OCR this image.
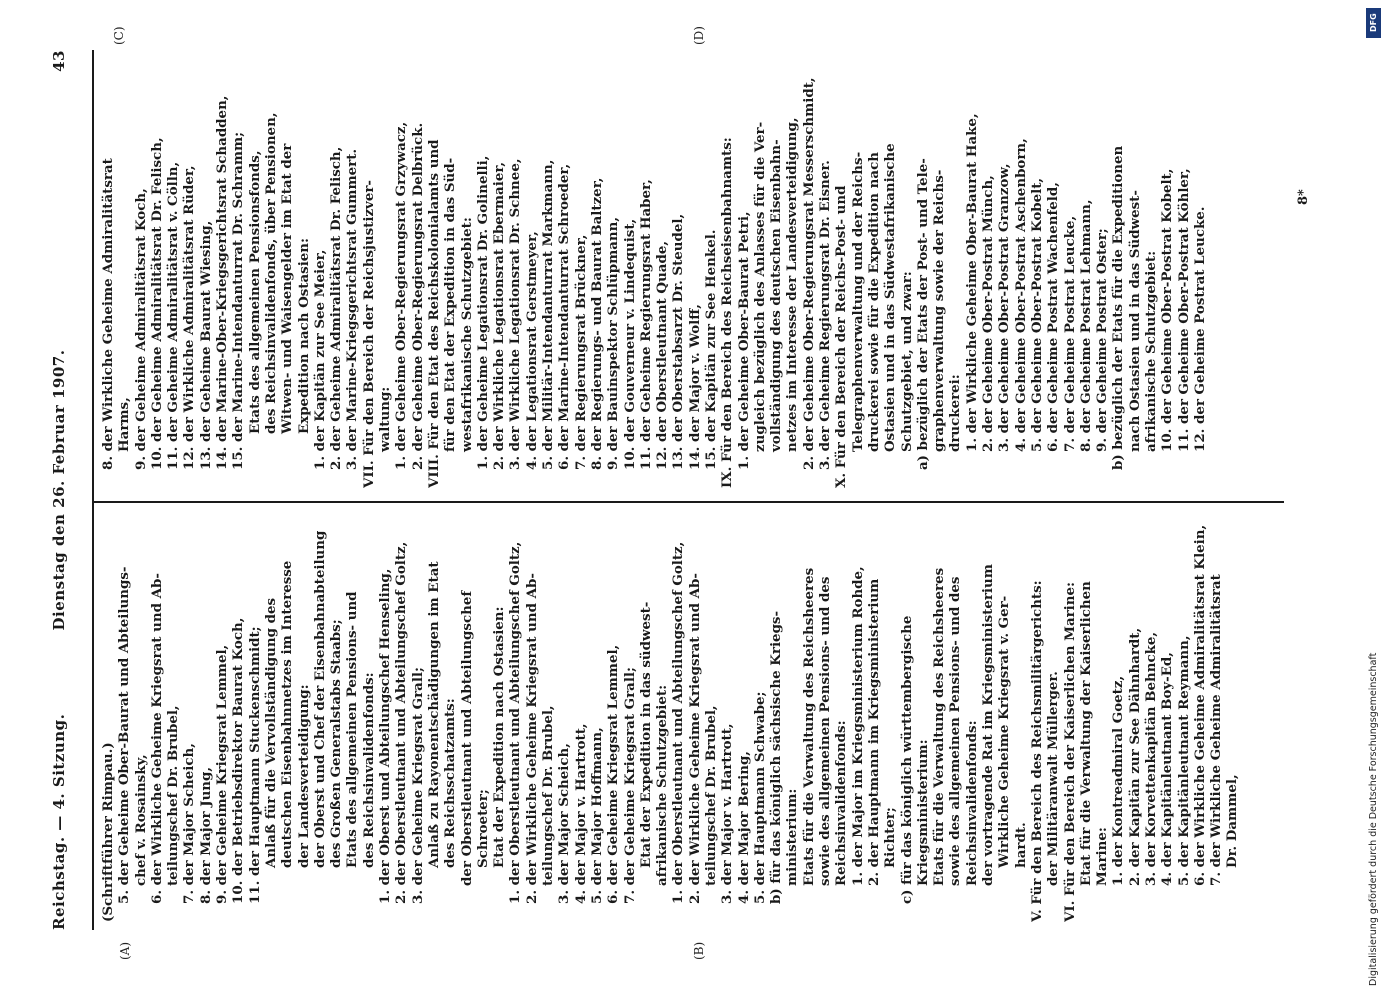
Dienstag den 26. Februar 1907.
Reichstag. — 4. Sitzung.
43
(A)	(B)
(C)	(D)
(Schriftführer Rimpau.) 5. der Geheime Ober-Baurat und Abteilungs- chef v. Rosainsky, 6. der Wirkliche Geheime Kriegsrat und Ab- teilungschef Dr. Brubel, 7. der Major Scheich, 8. der Major Jung, 9. der Geheime Kriegsrat Lemmel, 10. der Betriebsdirektor Baurat Koch, 11. der Hauptmann Stuckenschmidt; Anlaß für die Vervollständigung des deutschen Eisenbahnnetzes im Interesse der Landesverteidigung: der Oberst und Chef der Eisenbahnabteilung des Großen Generalstabs Staabs; Etats des allgemeinen Pensions- und des Reichsinvalidenfonds: 1. der Oberst und Abteilungschef Henseling, 2. der Oberstleutnant und Abteilungschef Goltz, 3. der Geheime Kriegsrat Grall; Anlaß zu Rayonentschädigungen im Etat des Reichsschatzamts: der Oberstleutnant und Abteilungschef Schroeter; Etat der Expedition nach Ostasien: 1. der Oberstleutnant und Abteilungschef Goltz, 2. der Wirkliche Geheime Kriegsrat und Ab- teilungschef Dr. Brubel, 3. der Major Scheich, 4. der Major v. Hartrott, 5. der Major Hoffmann, 6. der Geheime Kriegsrat Lemmel, 7. der Geheime Kriegsrat Grall; Etat der Expedition in das südwest- afrikanische Schutzgebiet: 1. der Oberstleutnant und Abteilungschef Goltz, 2. der Wirkliche Geheime Kriegsrat und Ab- teilungschef Dr. Brubel, 3. der Major v. Hartrott, 4. der Major Bering, 5. der Hauptmann Schwabe; b) für das königlich sächsische Kriegs- ministerium: Etats für die Verwaltung des Reichsheeres sowie des allgemeinen Pensions- und des Reichsinvalidenfonds: 1. der Major im Kriegsministerium Rohde, 2. der Hauptmann im Kriegsministerium Richter; c) für das königlich württembergische Kriegsministerium: Etats für die Verwaltung des Reichsheeres sowie des allgemeinen Pensions- und des Reichsinvalidenfonds: der vortragende Rat im Kriegsministerium Wirkliche Geheime Kriegsrat v. Ger- hardt. V. Für den Bereich des Reichsmilitärgerichts: der Militäranwalt Müllerger. VI. Für den Bereich der Kaiserlichen Marine: Etat für die Verwaltung der Kaiserlichen Marine: 1. der Kontreadmiral Goetz, 2. der Kapitän zur See Dähnhardt, 3. der Korvettenkapitän Behncke, 4. der Kapitänleutnant Boy-Ed, 5. der Kapitänleutnant Reymann, 6. der Wirkliche Geheime Admiralitätsrat Klein, 7. der Wirkliche Geheime Admiralitätsrat Dr. Dammel,
8. der Wirkliche Geheime Admiralitätsrat Harms, 9. der Geheime Admiralitätsrat Koch, 10. der Geheime Admiralitätsrat Dr. Felisch, 11. der Geheime Admiralitätsrat v. Cölln, 12. der Wirkliche Admiralitätsrat Rüder, 13. der Geheime Baurat Wiesing, 14. der Marine-Ober-Kriegsgerichtsrat Schadden, 15. der Marine-Intendanturrat Dr. Schramm; Etats des allgemeinen Pensionsfonds, des Reichsinvalidenfonds, über Pensionen, Witwen- und Waisengelder im Etat der Expedition nach Ostasien: 1. der Kapitän zur See Meier, 2. der Geheime Admiralitätsrat Dr. Felisch, 3. der Marine-Kriegsgerichtsrat Gummert. VII. Für den Bereich der Reichsjustizver- waltung: 1. der Geheime Ober-Regierungsrat Grzywacz, 2. der Geheime Ober-Regierungsrat Delbrück. VIII. Für den Etat des Reichskolonialamts und für den Etat der Expedition in das Süd- westafrikanische Schutzgebiet: 1. der Geheime Legationsrat Dr. Golinelli, 2. der Wirkliche Legationsrat Ebermaier, 3. der Wirkliche Legationsrat Dr. Schnee, 4. der Legationsrat Gerstmeyer, 5. der Militär-Intendanturrat Markmann, 6. der Marine-Intendanturrat Schroeder, 7. der Regierungsrat Brückner, 8. der Regierungs- und Baurat Baltzer, 9. der Bauinspektor Schlüpmann, 10. der Gouverneur v. Lindequist, 11. der Geheime Regierungsrat Haber, 12. der Oberstleutnant Quade, 13. der Oberstabsarzt Dr. Steudel, 14. der Major v. Wolff, 15. der Kapitän zur See Henkel. IX. Für den Bereich des Reichseisenbahnamts: 1. der Geheime Ober-Baurat Petri, zugleich bezüglich des Anlasses für die Ver- vollständigung des deutschen Eisenbahn- netzes im Interesse der Landesverteidigung, 2. der Geheime Ober-Regierungsrat Messerschmidt, 3. der Geheime Regierungsrat Dr. Eisner. X. Für den Bereich der Reichs-Post- und Telegraphenverwaltung und der Reichs- druckerei sowie für die Expedition nach Ostasien und in das Südwestafrikanische Schutzgebiet, und zwar: a) bezüglich der Etats der Post- und Tele- graphenverwaltung sowie der Reichs- druckerei: 1. der Wirkliche Geheime Ober-Baurat Hake, 2. der Geheime Ober-Postrat Münch, 3. der Geheime Ober-Postrat Granzow, 4. der Geheime Ober-Postrat Aschenborn, 5. der Geheime Ober-Postrat Kobelt, 6. der Geheime Postrat Wachenfeld, 7. der Geheime Postrat Leucke, 8. der Geheime Postrat Lehmann, 9. der Geheime Postrat Oster; b) bezüglich der Etats für die Expeditionen nach Ostasien und in das Südwest- afrikanische Schutzgebiet: 10. der Geheime Ober-Postrat Kobelt, 11. der Geheime Ober-Postrat Köhler, 12. der Geheime Postrat Leucke.
8*
DFG
Digitalisierung gefördert durch die Deutsche Forschungsgemeinschaft
